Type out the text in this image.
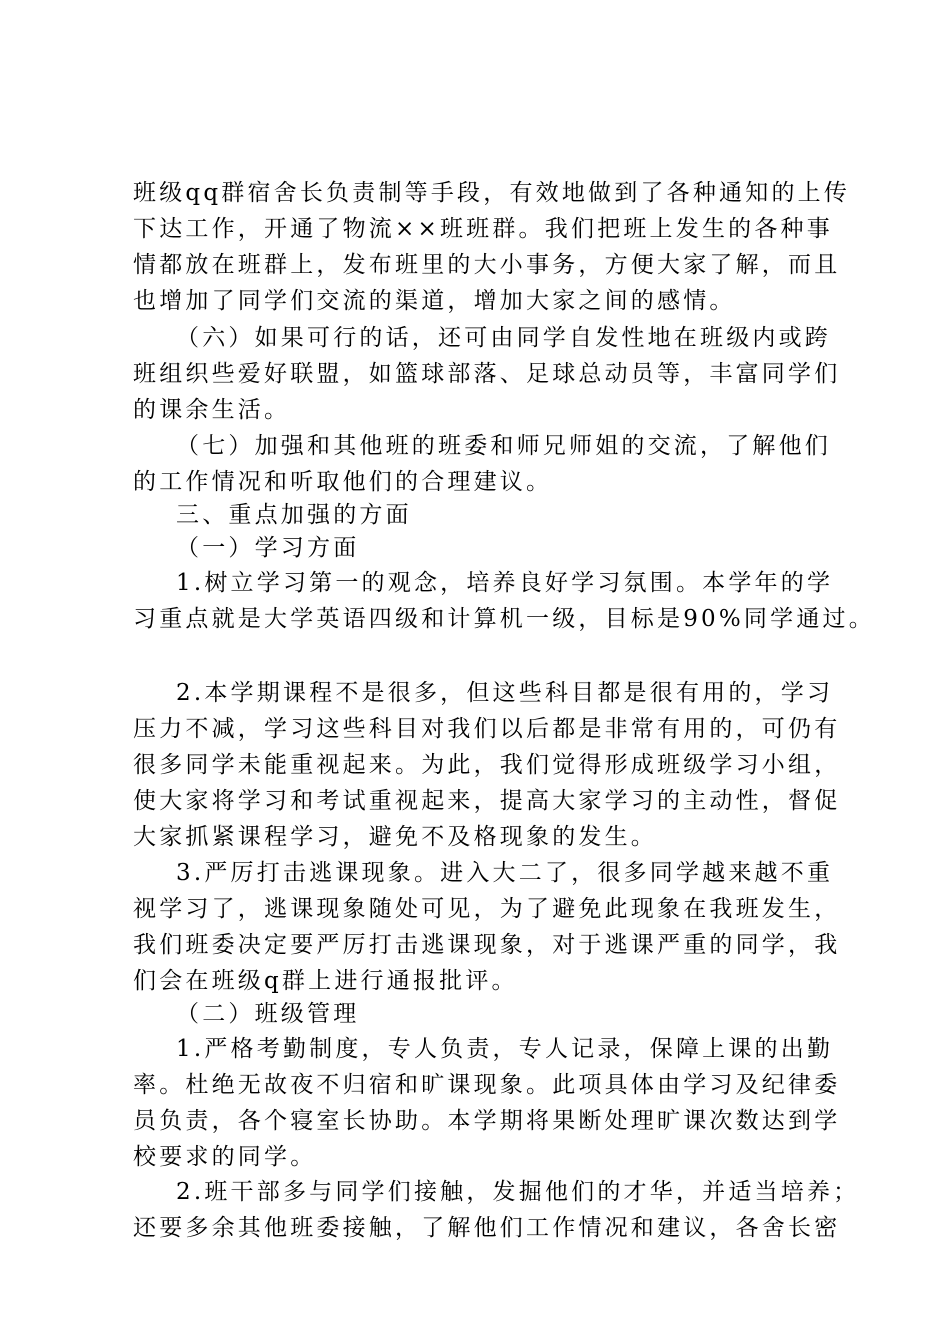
班级qq群宿舍长负责制等手段，有效地做到了各种通知的上传
下达工作，开通了物流××班班群。我们把班上发生的各种事
情都放在班群上，发布班里的大小事务，方便大家了解，而且
也增加了同学们交流的渠道，增加大家之间的感情。
（六）如果可行的话，还可由同学自发性地在班级内或跨
班组织些爱好联盟，如篮球部落、足球总动员等，丰富同学们
的课余生活。
（七）加强和其他班的班委和师兄师姐的交流，了解他们
的工作情况和听取他们的合理建议。
三、重点加强的方面
（一）学习方面
1.树立学习第一的观念，培养良好学习氛围。本学年的学
习重点就是大学英语四级和计算机一级，目标是90%同学通过。
2.本学期课程不是很多，但这些科目都是很有用的，学习
压力不减，学习这些科目对我们以后都是非常有用的，可仍有
很多同学未能重视起来。为此，我们觉得形成班级学习小组，
使大家将学习和考试重视起来，提高大家学习的主动性，督促
大家抓紧课程学习，避免不及格现象的发生。
3.严厉打击逃课现象。进入大二了，很多同学越来越不重
视学习了，逃课现象随处可见，为了避免此现象在我班发生，
我们班委决定要严厉打击逃课现象，对于逃课严重的同学，我
们会在班级q群上进行通报批评。
（二）班级管理
1.严格考勤制度，专人负责，专人记录，保障上课的出勤
率。杜绝无故夜不归宿和旷课现象。此项具体由学习及纪律委
员负责，各个寝室长协助。本学期将果断处理旷课次数达到学
校要求的同学。
2.班干部多与同学们接触，发掘他们的才华，并适当培养；
还要多余其他班委接触，了解他们工作情况和建议，各舍长密
